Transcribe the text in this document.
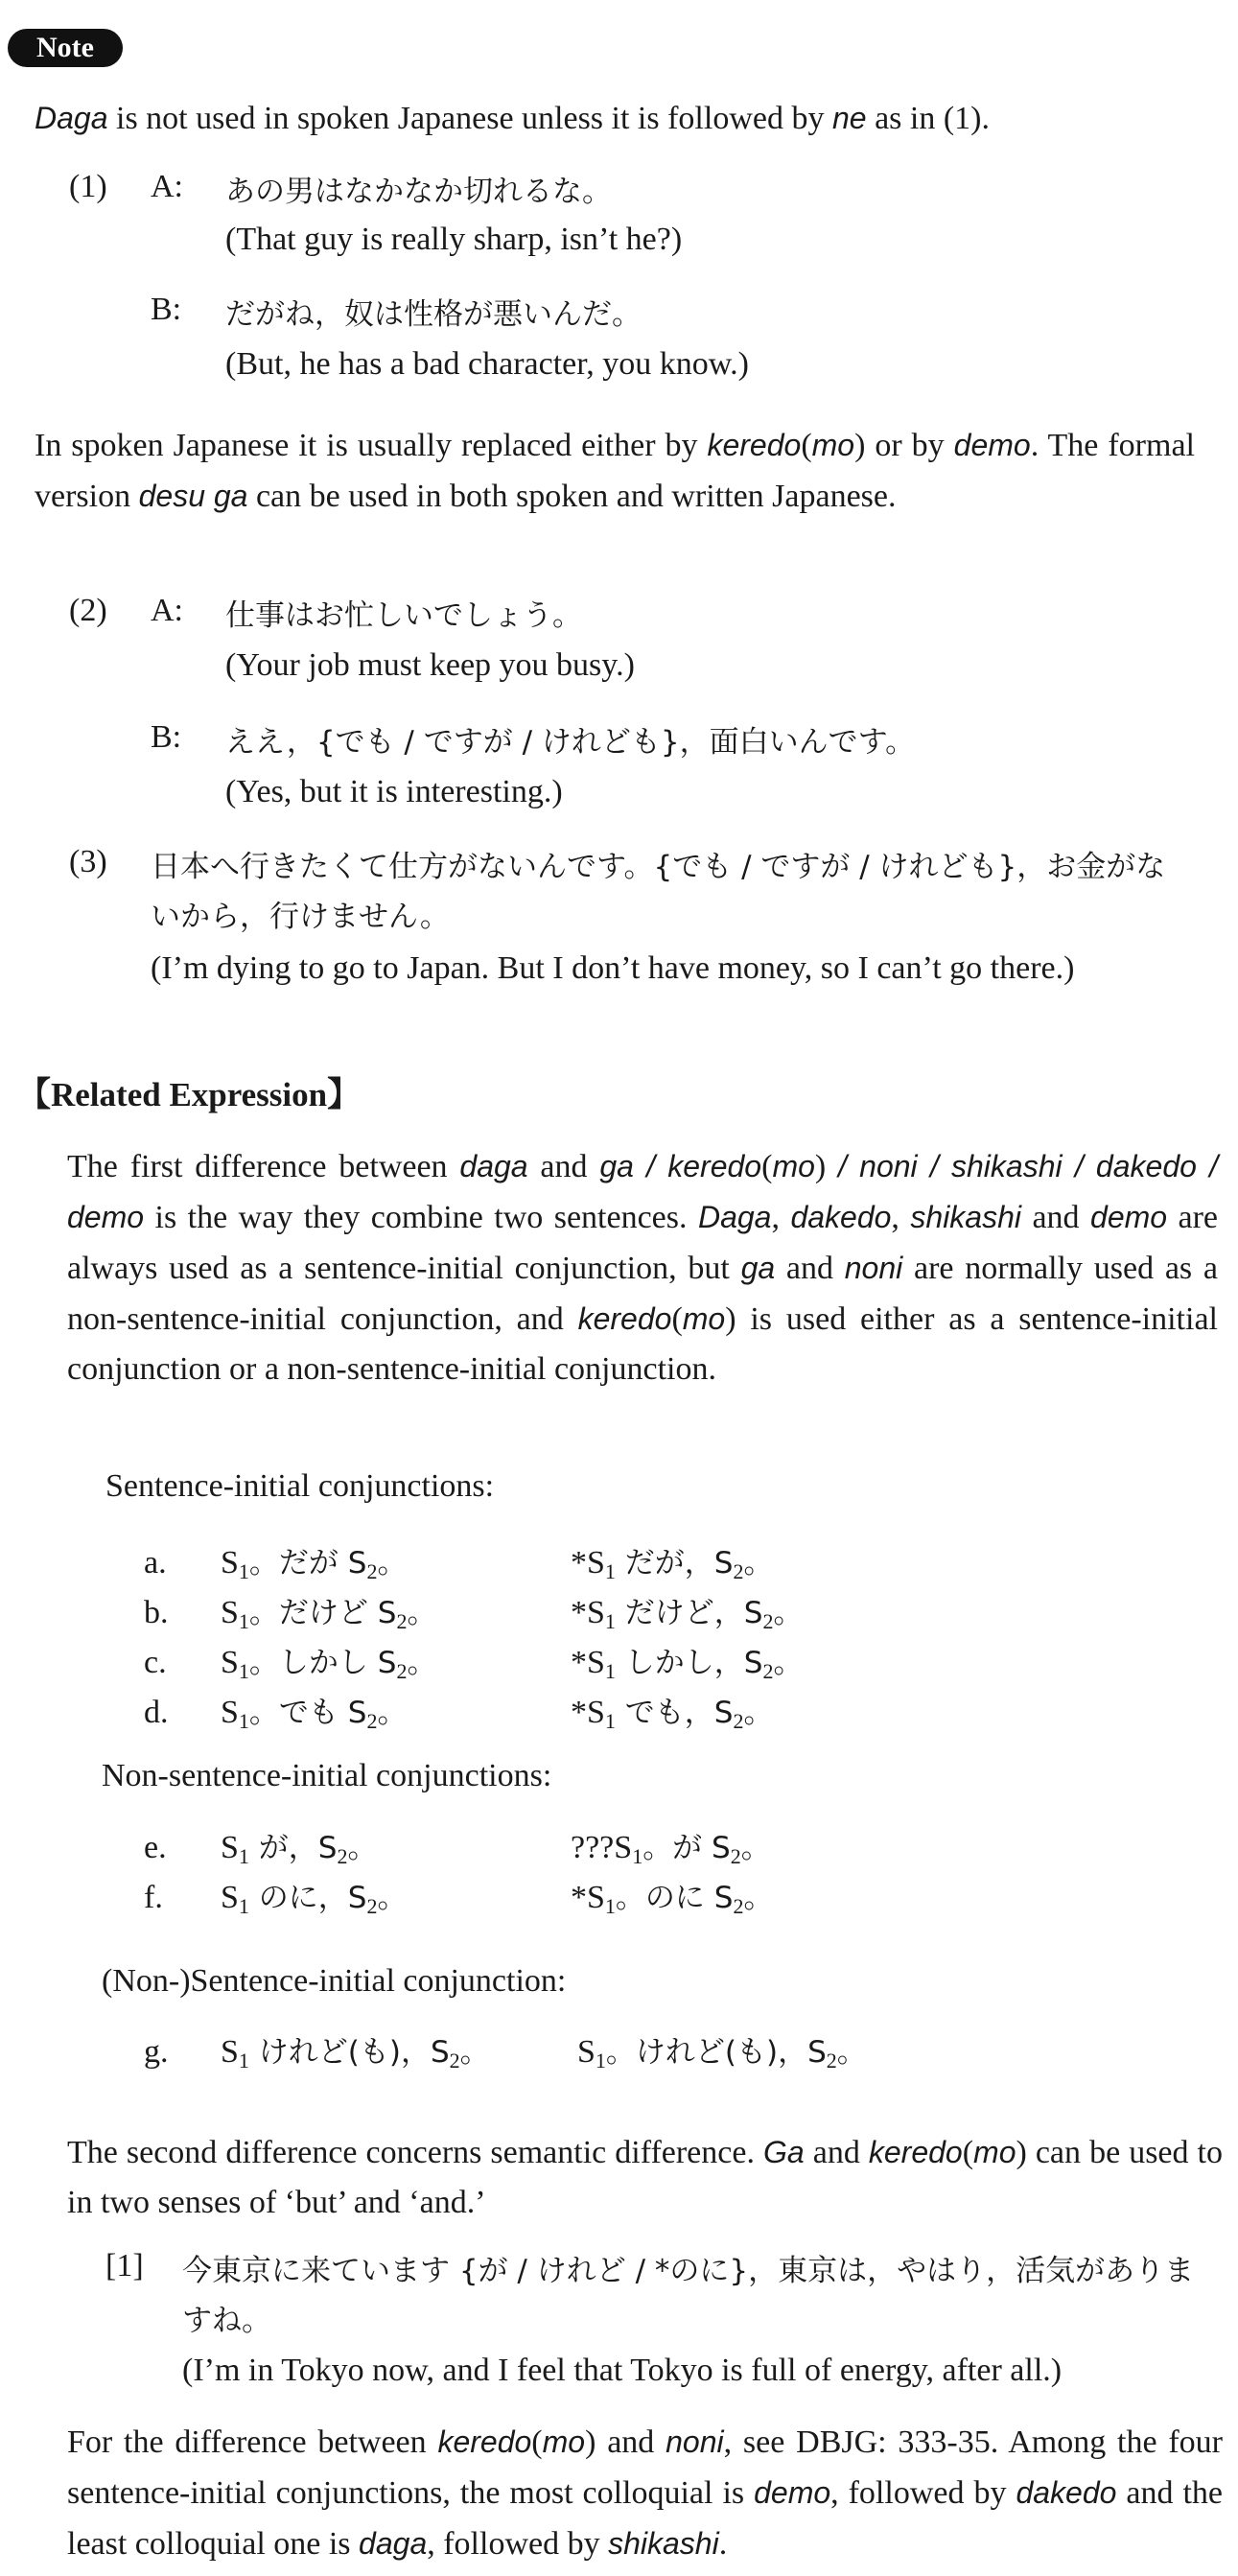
Note

Daga is not used in spoken Japanese unless it is followed by ne as in (1).

(1) A: あの男はなかなか切れるな。
(That guy is really sharp, isn’t he?)
B: だがね，奴は性格が悪いんだ。
(But, he has a bad character, you know.)

In spoken Japanese it is usually replaced either by keredo(mo) or by demo. The formal version desu ga can be used in both spoken and written Japanese.

(2) A: 仕事はお忙しいでしょう。
(Your job must keep you busy.)
B: ええ，{でも / ですが / けれども}，面白いんです。
(Yes, but it is interesting.)
(3) 日本へ行きたくて仕方がないんです。{でも / ですが / けれども}，お金がないから，行けません。
(I’m dying to go to Japan. But I don’t have money, so I can’t go there.)
【Related Expression】

The first difference between daga and ga / keredo(mo) / noni / shikashi / dakedo / demo is the way they combine two sentences. Daga, dakedo, shikashi and demo are always used as a sentence-initial conjunction, but ga and noni are normally used as a non-sentence-initial conjunction, and keredo(mo) is used either as a sentence-initial conjunction or a non-sentence-initial conjunction.

Sentence-initial conjunctions:
Non-sentence-initial conjunctions:
(Non-)Sentence-initial conjunction:
a. $S_1$。だが $S_2$。	$*S_1$ だが，$S_2$。
b. $S_1$。だけど $S_2$。	$*S_1$ だけど，$S_2$。
c. $S_1$。しかし $S_2$。	$*S_1$ しかし，$S_2$。
d. $S_1$。でも $S_2$。	$*S_1$ でも，$S_2$。
e. $S_1$ が，$S_2$。	$???S_1$。が $S_2$。
f. $S_1$ のに，$S_2$。	$*S_1$。のに $S_2$。
g. $S_1$ けれど(も)，$S_2$。	$S_1$。けれど(も)，$S_2$。

The second difference concerns semantic difference. Ga and keredo(mo) can be used to in two senses of ‘but’ and ‘and.’

[1] 今東京に来ています {が / けれど / *のに}，東京は，やはり，活気がありますね。
(I’m in Tokyo now, and I feel that Tokyo is full of energy, after all.)

For the difference between keredo(mo) and noni, see DBJG: 333-35. Among the four sentence-initial conjunctions, the most colloquial is demo, followed by dakedo and the least colloquial one is daga, followed by shikashi.
